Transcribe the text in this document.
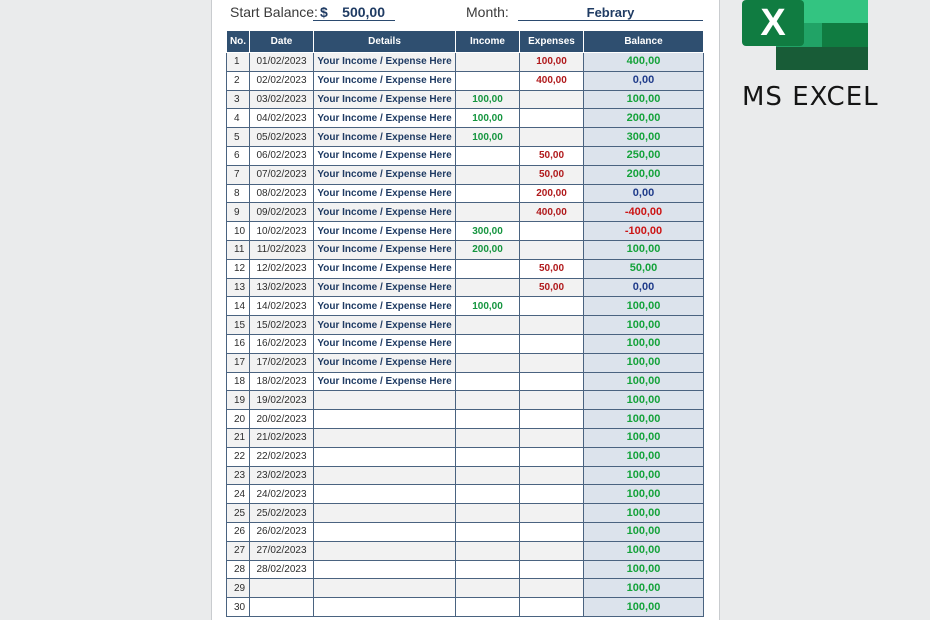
Start Balance: $ 500,00	Month:	Febrary
No.	Date	Details	Income	Expenses	Balance
1	01/02/2023	Your Income / Expense Here		100,00	400,00
2	02/02/2023	Your Income / Expense Here		400,00	0,00
3	03/02/2023	Your Income / Expense Here	100,00		100,00
4	04/02/2023	Your Income / Expense Here	100,00		200,00
5	05/02/2023	Your Income / Expense Here	100,00		300,00
6	06/02/2023	Your Income / Expense Here		50,00	250,00
7	07/02/2023	Your Income / Expense Here		50,00	200,00
8	08/02/2023	Your Income / Expense Here		200,00	0,00
9	09/02/2023	Your Income / Expense Here		400,00	-400,00
10	10/02/2023	Your Income / Expense Here	300,00		-100,00
11	11/02/2023	Your Income / Expense Here	200,00		100,00
12	12/02/2023	Your Income / Expense Here		50,00	50,00
13	13/02/2023	Your Income / Expense Here		50,00	0,00
14	14/02/2023	Your Income / Expense Here	100,00		100,00
15	15/02/2023	Your Income / Expense Here			100,00
16	16/02/2023	Your Income / Expense Here			100,00
17	17/02/2023	Your Income / Expense Here			100,00
18	18/02/2023	Your Income / Expense Here			100,00
19	19/02/2023				100,00
20	20/02/2023				100,00
21	21/02/2023				100,00
22	22/02/2023				100,00
23	23/02/2023				100,00
24	24/02/2023				100,00
25	25/02/2023				100,00
26	26/02/2023				100,00
27	27/02/2023				100,00
28	28/02/2023				100,00
29					100,00
30					100,00
X
MS EXCEL
